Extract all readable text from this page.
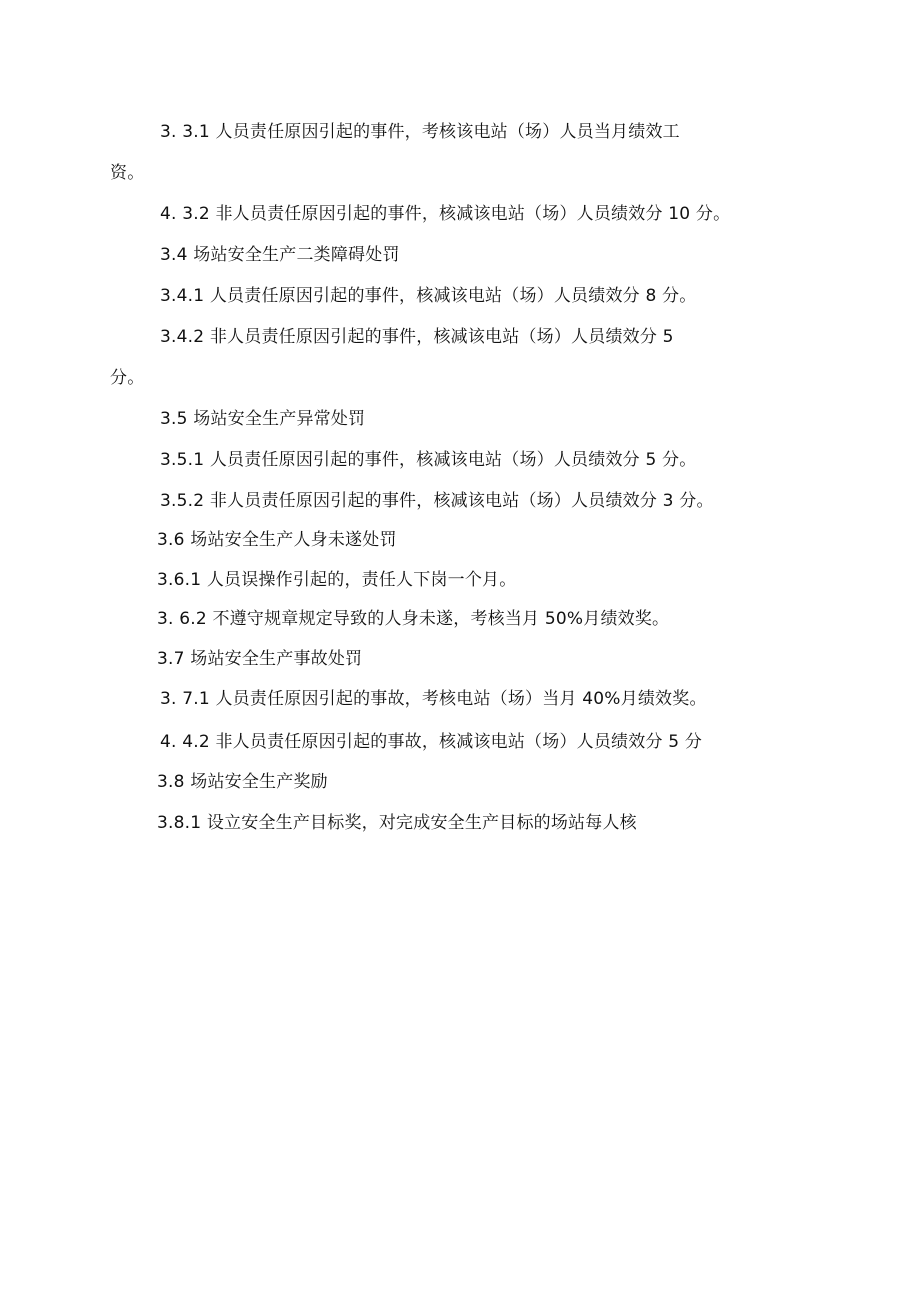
3. 3.1 人员责任原因引起的事件，考核该电站（场）人员当月绩效工
资。
4. 3.2 非人员责任原因引起的事件，核减该电站（场）人员绩效分 10 分。
3.4 场站安全生产二类障碍处罚
3.4.1 人员责任原因引起的事件，核减该电站（场）人员绩效分 8 分。
3.4.2 非人员责任原因引起的事件，核减该电站（场）人员绩效分 5
分。
3.5 场站安全生产异常处罚
3.5.1 人员责任原因引起的事件，核减该电站（场）人员绩效分 5 分。
3.5.2 非人员责任原因引起的事件，核减该电站（场）人员绩效分 3 分。
3.6 场站安全生产人身未遂处罚
3.6.1 人员误操作引起的，责任人下岗一个月。
3. 6.2 不遵守规章规定导致的人身未遂，考核当月 50%月绩效奖。
3.7 场站安全生产事故处罚
3. 7.1 人员责任原因引起的事故，考核电站（场）当月 40%月绩效奖。
4. 4.2 非人员责任原因引起的事故，核减该电站（场）人员绩效分 5 分
3.8 场站安全生产奖励
3.8.1 设立安全生产目标奖，对完成安全生产目标的场站每人核
